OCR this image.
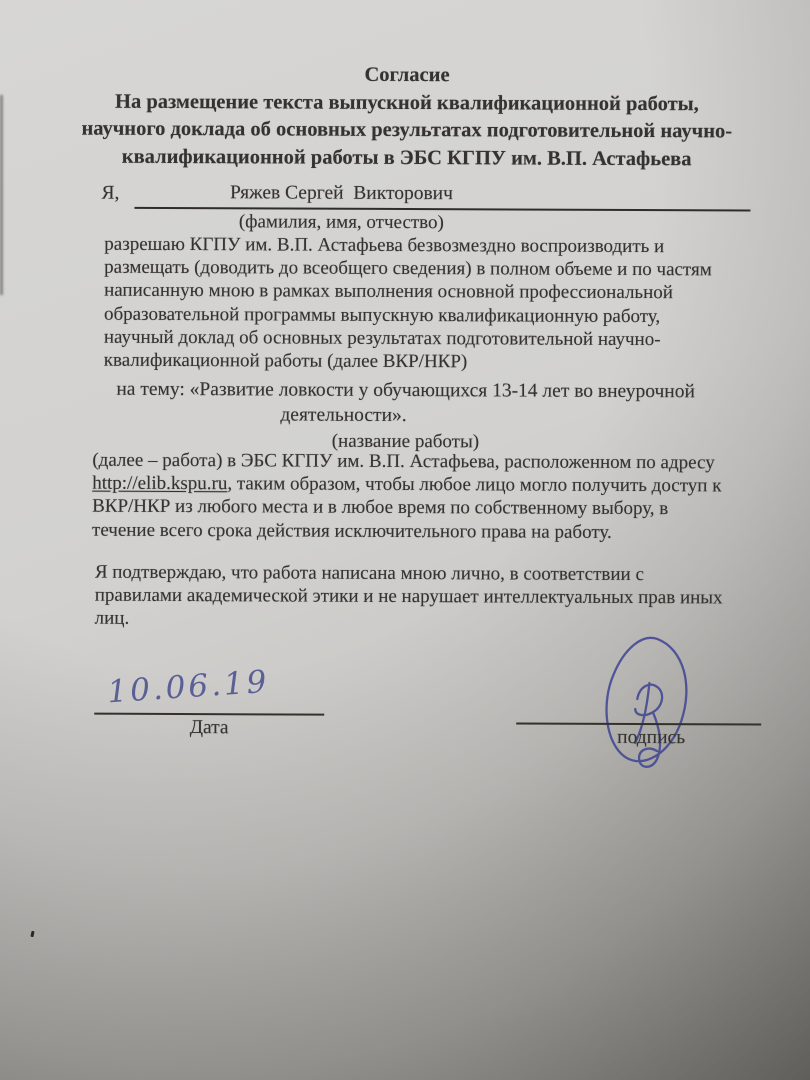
Согласие
На размещение текста выпускной квалификационной работы,
научного доклада об основных результатах подготовительной научно-
квалификационной работы в ЭБС КГПУ им. В.П. Астафьева
Я,	Ряжев Сергей  Викторович
(фамилия, имя, отчество)

разрешаю КГПУ им. В.П. Астафьева безвозмездно воспроизводить и
размещать (доводить до всеобщего сведения) в полном объеме и по частям
написанную мною в рамках выполнения основной профессиональной
образовательной программы выпускную квалификационную работу,
научный доклад об основных результатах подготовительной научно-
квалификационной работы (далее ВКР/НКР)

на тему: «Развитие ловкости у обучающихся 13-14 лет во внеурочной
деятельности».
(название работы)

(далее – работа) в ЭБС КГПУ им. В.П. Астафьева, расположенном по адресу
http://elib.kspu.ru, таким образом, чтобы любое лицо могло получить доступ к
ВКР/НКР из любого места и в любое время по собственному выбору, в
течение всего срока действия исключительного права на работу.

Я подтверждаю, что работа написана мною лично, в соответствии с
правилами академической этики и не нарушает интеллектуальных прав иных
лиц.

10.06.19
Дата	подпись
